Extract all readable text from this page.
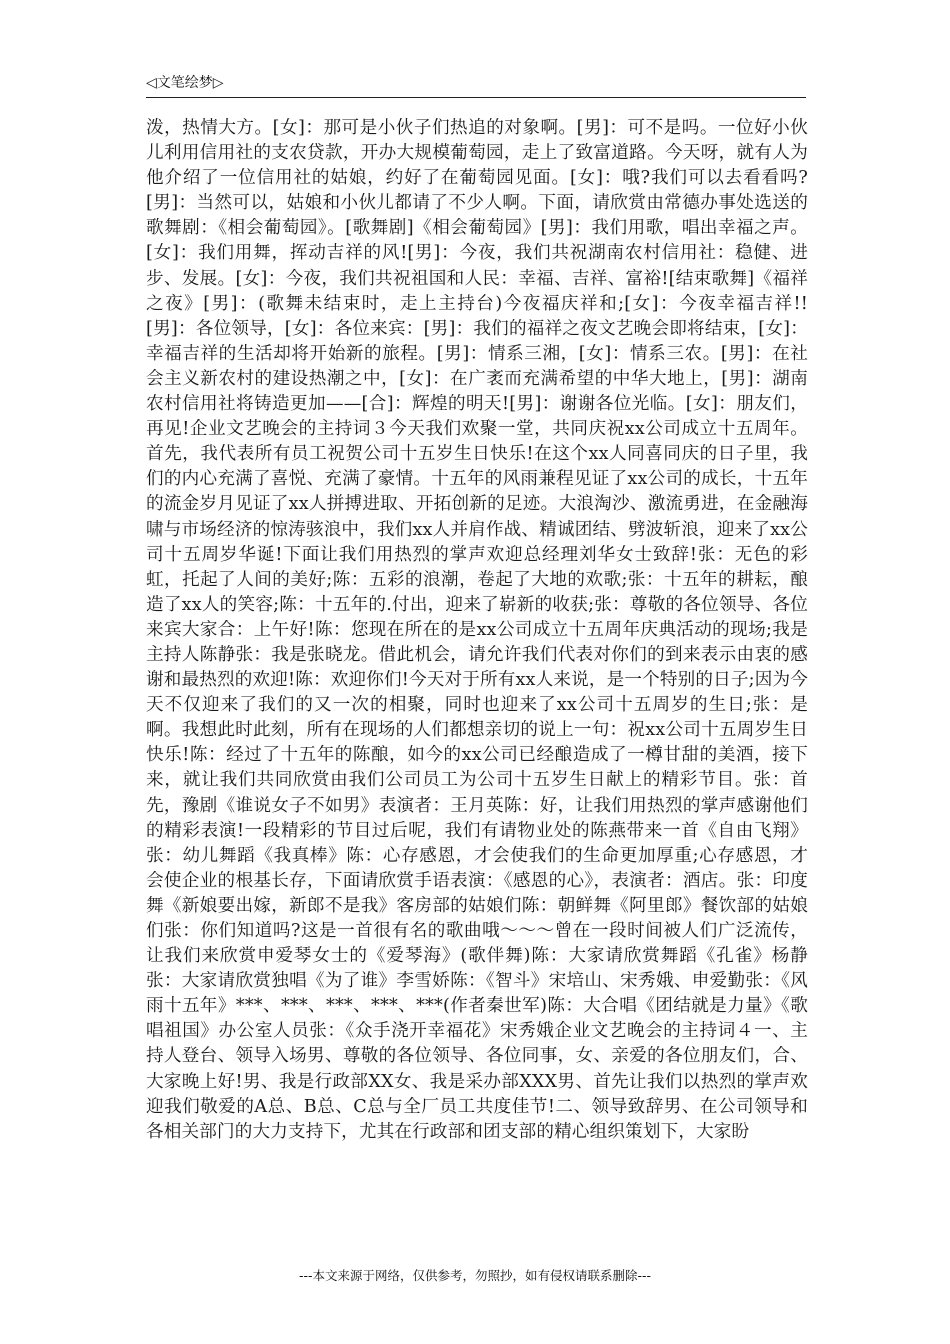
◁文笔绘梦▷

泼，热情大方。[女]：那可是小伙子们热追的对象啊。[男]：可不是吗。一位好小伙儿利用信用社的支农贷款，开办大规模葡萄园，走上了致富道路。今天呀，就有人为他介绍了一位信用社的姑娘，约好了在葡萄园见面。[女]：哦?我们可以去看看吗?[男]：当然可以，姑娘和小伙儿都请了不少人啊。下面，请欣赏由常德办事处选送的歌舞剧：《相会葡萄园》。[歌舞剧]《相会葡萄园》[男]：我们用歌，唱出幸福之声。[女]：我们用舞，挥动吉祥的风![男]：今夜，我们共祝湖南农村信用社：稳健、进步、发展。[女]：今夜，我们共祝祖国和人民：幸福、吉祥、富裕![结束歌舞]《福祥之夜》[男]：(歌舞未结束时，走上主持台)今夜福庆祥和;[女]：今夜幸福吉祥!![男]：各位领导，[女]：各位来宾：[男]：我们的福祥之夜文艺晚会即将结束，[女]：幸福吉祥的生活却将开始新的旅程。[男]：情系三湘，[女]：情系三农。[男]：在社会主义新农村的建设热潮之中，[女]：在广袤而充满希望的中华大地上，[男]：湖南农村信用社将铸造更加——[合]：辉煌的明天![男]：谢谢各位光临。[女]：朋友们，再见!企业文艺晚会的主持词３今天我们欢聚一堂，共同庆祝xx公司成立十五周年。首先，我代表所有员工祝贺公司十五岁生日快乐!在这个xx人同喜同庆的日子里，我们的内心充满了喜悦、充满了豪情。十五年的风雨兼程见证了xx公司的成长，十五年的流金岁月见证了xx人拼搏进取、开拓创新的足迹。大浪淘沙、激流勇进，在金融海啸与市场经济的惊涛骇浪中，我们xx人并肩作战、精诚团结、劈波斩浪，迎来了xx公司十五周岁华诞!下面让我们用热烈的掌声欢迎总经理刘华女士致辞!张：无色的彩虹，托起了人间的美好;陈：五彩的浪潮，卷起了大地的欢歌;张：十五年的耕耘，酿造了xx人的笑容;陈：十五年的.付出，迎来了崭新的收获;张：尊敬的各位领导、各位来宾大家合：上午好!陈：您现在所在的是xx公司成立十五周年庆典活动的现场;我是主持人陈静张：我是张晓龙。借此机会，请允许我们代表对你们的到来表示由衷的感谢和最热烈的欢迎!陈：欢迎你们!今天对于所有xx人来说，是一个特别的日子;因为今天不仅迎来了我们的又一次的相聚，同时也迎来了xx公司十五周岁的生日;张：是啊。我想此时此刻，所有在现场的人们都想亲切的说上一句：祝xx公司十五周岁生日快乐!陈：经过了十五年的陈酿，如今的xx公司已经酿造成了一樽甘甜的美酒，接下来，就让我们共同欣赏由我们公司员工为公司十五岁生日献上的精彩节目。张：首先，豫剧《谁说女子不如男》表演者：王月英陈：好，让我们用热烈的掌声感谢他们的精彩表演!一段精彩的节目过后呢，我们有请物业处的陈燕带来一首《自由飞翔》张：幼儿舞蹈《我真棒》陈：心存感恩，才会使我们的生命更加厚重;心存感恩，才会使企业的根基长存，下面请欣赏手语表演：《感恩的心》，表演者：酒店。张：印度舞《新娘要出嫁，新郎不是我》客房部的姑娘们陈：朝鲜舞《阿里郎》餐饮部的姑娘们张：你们知道吗?这是一首很有名的歌曲哦～～～曾在一段时间被人们广泛流传，让我们来欣赏申爱琴女士的《爱琴海》(歌伴舞)陈：大家请欣赏舞蹈《孔雀》杨静张：大家请欣赏独唱《为了谁》李雪娇陈：《智斗》宋培山、宋秀娥、申爱勤张：《风雨十五年》***、***、***、***、***(作者秦世军)陈：大合唱《团结就是力量》《歌唱祖国》办公室人员张：《众手浇开幸福花》宋秀娥企业文艺晚会的主持词４一、主持人登台、领导入场男、尊敬的各位领导、各位同事，女、亲爱的各位朋友们，合、大家晚上好!男、我是行政部XX女、我是采办部XXX男、首先让我们以热烈的掌声欢迎我们敬爱的A总、B总、C总与全厂员工共度佳节!二、领导致辞男、在公司领导和各相关部门的大力支持下，尤其在行政部和团支部的精心组织策划下，大家盼

---本文来源于网络，仅供参考，勿照抄，如有侵权请联系删除---
